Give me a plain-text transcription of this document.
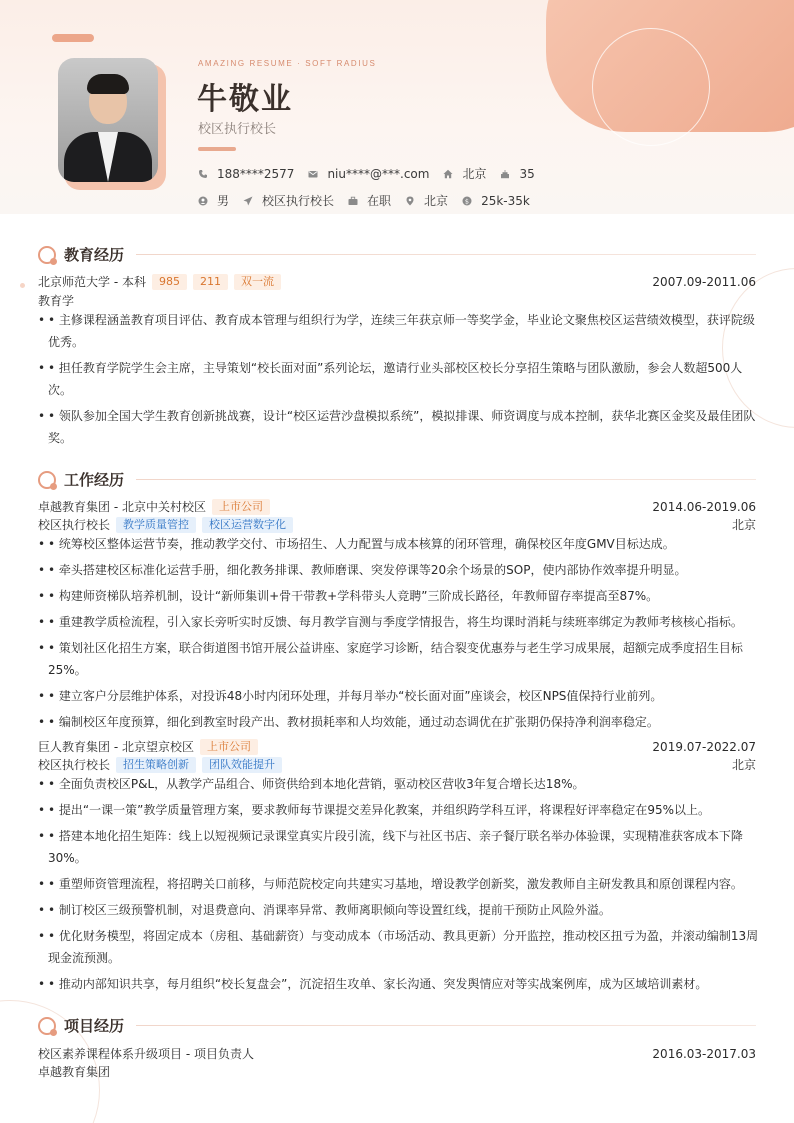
AMAZING RESUME · SOFT RADIUS
牛敬业
校区执行校长
188****2577	niu****@***.com	北京	35
男	校区执行校长	在职	北京	$ 25k-35k
教育经历
北京师范大学 - 本科	985	211	双一流	2007.09-2011.06
教育学
• • 主修课程涵盖教育项目评估、教育成本管理与组织行为学，连续三年获京师一等奖学金，毕业论文聚焦校区运营绩效模型，获评院级优秀。
• • 担任教育学院学生会主席，主导策划“校长面对面”系列论坛，邀请行业头部校区校长分享招生策略与团队激励，参会人数超500人次。
• • 领队参加全国大学生教育创新挑战赛，设计“校区运营沙盘模拟系统”，模拟排课、师资调度与成本控制，获华北赛区金奖及最佳团队奖。
工作经历
卓越教育集团 - 北京中关村校区	上市公司	2014.06-2019.06
校区执行校长	教学质量管控	校区运营数字化	北京
• • 统筹校区整体运营节奏，推动教学交付、市场招生、人力配置与成本核算的闭环管理，确保校区年度GMV目标达成。
• • 牵头搭建校区标准化运营手册，细化教务排课、教师磨课、突发停课等20余个场景的SOP，使内部协作效率提升明显。
• • 构建师资梯队培养机制，设计“新师集训+骨干带教+学科带头人竞聘”三阶成长路径，年教师留存率提高至87%。
• • 重建教学质检流程，引入家长旁听实时反馈、每月教学盲测与季度学情报告，将生均课时消耗与续班率绑定为教师考核核心指标。
• • 策划社区化招生方案，联合街道图书馆开展公益讲座、家庭学习诊断，结合裂变优惠券与老生学习成果展，超额完成季度招生目标25%。
• • 建立客户分层维护体系，对投诉48小时内闭环处理，并每月举办“校长面对面”座谈会，校区NPS值保持行业前列。
• • 编制校区年度预算，细化到教室时段产出、教材损耗率和人均效能，通过动态调优在扩张期仍保持净利润率稳定。
巨人教育集团 - 北京望京校区	上市公司	2019.07-2022.07
校区执行校长	招生策略创新	团队效能提升	北京
• • 全面负责校区P&L，从教学产品组合、师资供给到本地化营销，驱动校区营收3年复合增长达18%。
• • 提出“一课一策”教学质量管理方案，要求教师每节课提交差异化教案，并组织跨学科互评，将课程好评率稳定在95%以上。
• • 搭建本地化招生矩阵：线上以短视频记录课堂真实片段引流，线下与社区书店、亲子餐厅联名举办体验课，实现精准获客成本下降30%。
• • 重塑师资管理流程，将招聘关口前移，与师范院校定向共建实习基地，增设教学创新奖，激发教师自主研发教具和原创课程内容。
• • 制订校区三级预警机制，对退费意向、消课率异常、教师离职倾向等设置红线，提前干预防止风险外溢。
• • 优化财务模型，将固定成本（房租、基础薪资）与变动成本（市场活动、教具更新）分开监控，推动校区扭亏为盈，并滚动编制13周现金流预测。
• • 推动内部知识共享，每月组织“校长复盘会”，沉淀招生攻单、家长沟通、突发舆情应对等实战案例库，成为区域培训素材。
项目经历
校区素养课程体系升级项目 - 项目负责人	2016.03-2017.03
卓越教育集团
